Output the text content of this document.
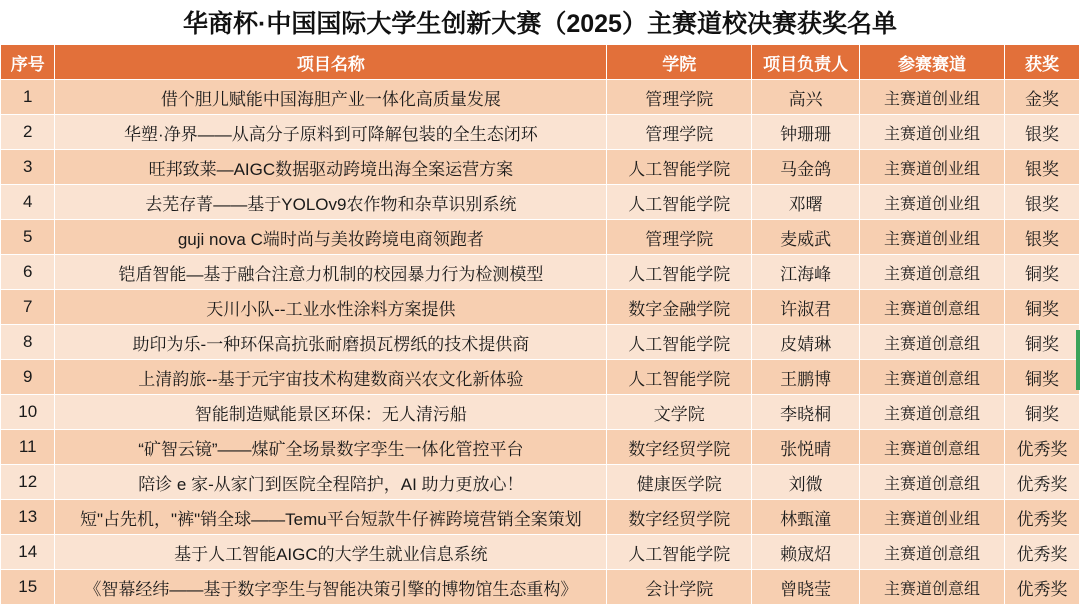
华商杯·中国国际大学生创新大赛（2025）主赛道校决赛获奖名单
序号	项目名称	学院	项目负责人	参赛赛道	获奖
1	借个胆儿赋能中国海胆产业一体化高质量发展	管理学院	高兴	主赛道创业组	金奖
2	华塑·净界——从高分子原料到可降解包装的全生态闭环	管理学院	钟珊珊	主赛道创业组	银奖
3	旺邦致莱—AIGC数据驱动跨境出海全案运营方案	人工智能学院	马金鸽	主赛道创业组	银奖
4	去芜存菁——基于YOLOv9农作物和杂草识别系统	人工智能学院	邓曙	主赛道创业组	银奖
5	guji nova C端时尚与美妆跨境电商领跑者	管理学院	麦威武	主赛道创业组	银奖
6	铠盾智能—基于融合注意力机制的校园暴力行为检测模型	人工智能学院	江海峰	主赛道创意组	铜奖
7	天川小队--工业水性涂料方案提供	数字金融学院	许淑君	主赛道创意组	铜奖
8	助印为乐-一种环保高抗张耐磨损瓦楞纸的技术提供商	人工智能学院	皮婧琳	主赛道创意组	铜奖
9	上清韵旅--基于元宇宙技术构建数商兴农文化新体验	人工智能学院	王鹏博	主赛道创意组	铜奖
10	智能制造赋能景区环保：无人清污船	文学院	李晓桐	主赛道创意组	铜奖
11	“矿智云镜”——煤矿全场景数字孪生一体化管控平台	数字经贸学院	张悦晴	主赛道创意组	优秀奖
12	陪诊 e 家-从家门到医院全程陪护，AI 助力更放心！	健康医学院	刘微	主赛道创意组	优秀奖
13	短"占先机，"裤"销全球——Temu平台短款牛仔裤跨境营销全案策划	数字经贸学院	林甄潼	主赛道创业组	优秀奖
14	基于人工智能AIGC的大学生就业信息系统	人工智能学院	赖宬炤	主赛道创意组	优秀奖
15	《智幕经纬——基于数字孪生与智能决策引擎的博物馆生态重构》	会计学院	曾晓莹	主赛道创意组	优秀奖
